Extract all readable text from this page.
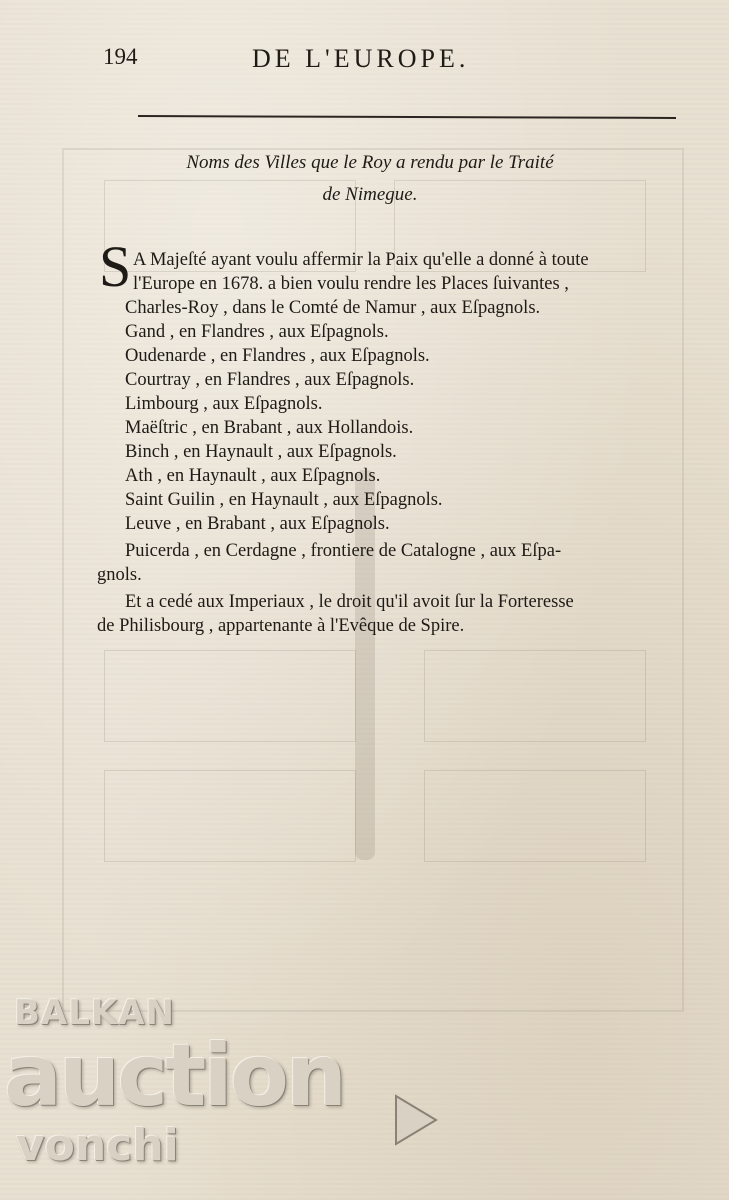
194	DE L'EUROPE.
Noms des Villes que le Roy a rendu par le Traité
de Nimegue.
S A Majeſté ayant voulu affermir la Paix qu'elle a donné à toute
l'Europe en 1678. a bien voulu rendre les Places ſuivantes ,
Charles-Roy , dans le Comté de Namur , aux Eſpagnols.
Gand , en Flandres , aux Eſpagnols.
Oudenarde , en Flandres , aux Eſpagnols.
Courtray , en Flandres , aux Eſpagnols.
Limbourg , aux Eſpagnols.
Maëſtric , en Brabant , aux Hollandois.
Binch , en Haynault , aux Eſpagnols.
Ath , en Haynault , aux Eſpagnols.
Saint Guilin , en Haynault , aux Eſpagnols.
Leuve , en Brabant , aux Eſpagnols.
Puicerda , en Cerdagne , frontiere de Catalogne , aux Eſpa-
gnols.
Et a cedé aux Imperiaux , le droit qu'il avoit ſur la Forteresse
de Philisbourg , appartenante à l'Evêque de Spire.
BALKAN
auction
vonchi
